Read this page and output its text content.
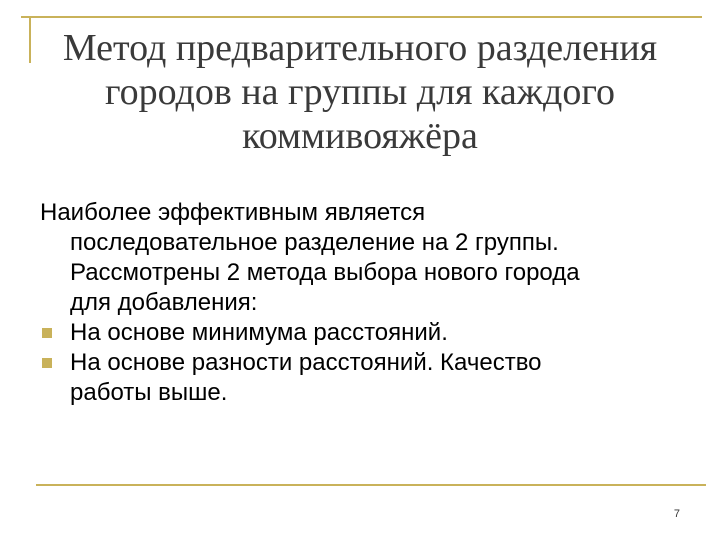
Метод предварительного разделения
городов на группы для каждого
коммивояжёра

Наиболее эффективным является
последовательное разделение на 2 группы.
Рассмотрены 2 метода выбора нового города
для добавления:

На основе минимума расстояний.
На основе разности расстояний. Качество
работы выше.
7
